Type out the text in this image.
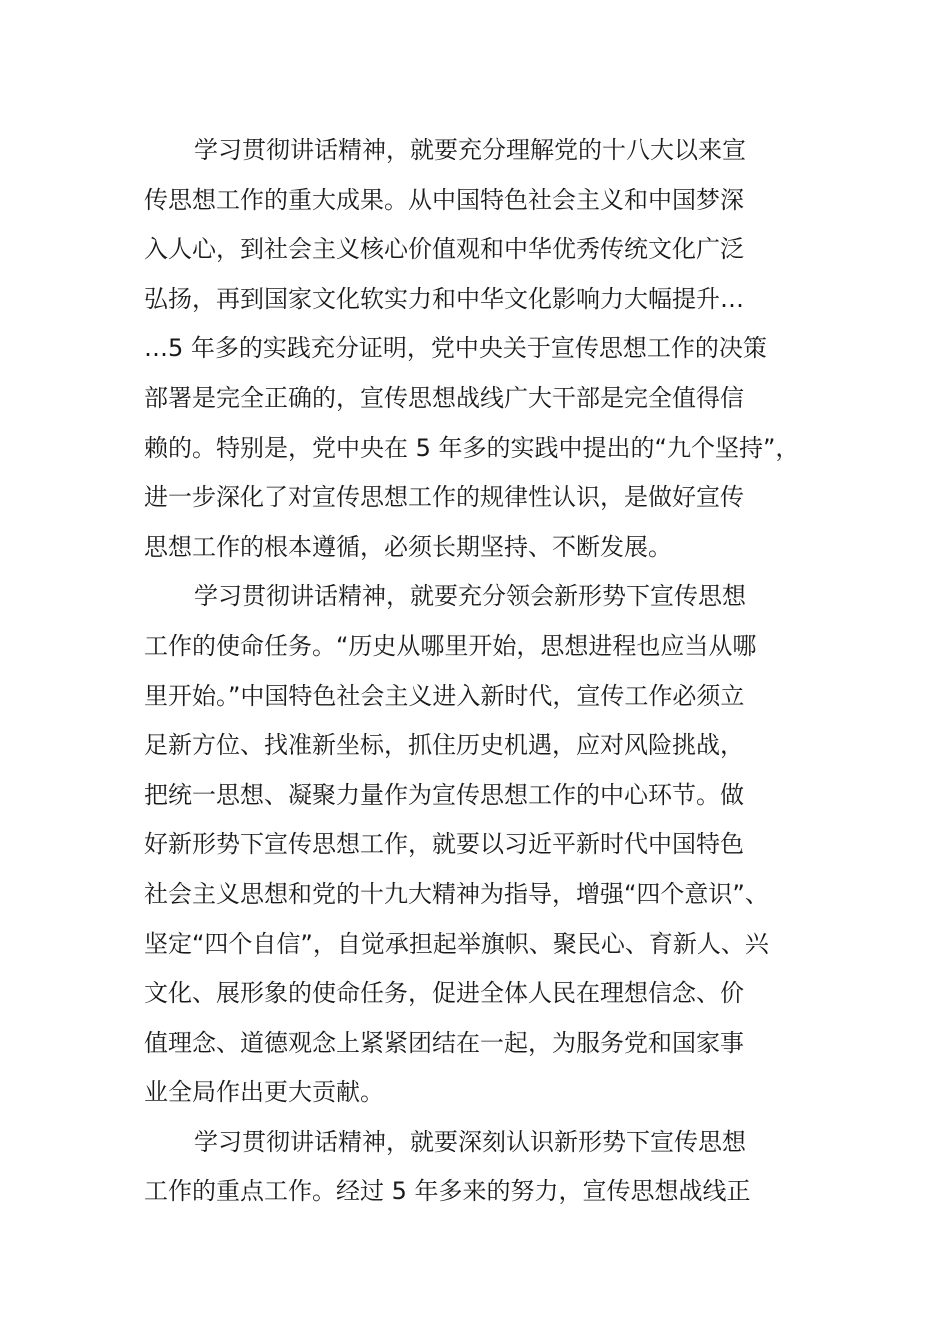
学习贯彻讲话精神，就要充分理解党的十八大以来宣
传思想工作的重大成果。从中国特色社会主义和中国梦深
入人心，到社会主义核心价值观和中华优秀传统文化广泛
弘扬，再到国家文化软实力和中华文化影响力大幅提升…
…5 年多的实践充分证明，党中央关于宣传思想工作的决策
部署是完全正确的，宣传思想战线广大干部是完全值得信
赖的。特别是，党中央在 5 年多的实践中提出的“九个坚持”，
进一步深化了对宣传思想工作的规律性认识，是做好宣传
思想工作的根本遵循，必须长期坚持、不断发展。
学习贯彻讲话精神，就要充分领会新形势下宣传思想
工作的使命任务。“历史从哪里开始，思想进程也应当从哪
里开始。”中国特色社会主义进入新时代，宣传工作必须立
足新方位、找准新坐标，抓住历史机遇，应对风险挑战，
把统一思想、凝聚力量作为宣传思想工作的中心环节。做
好新形势下宣传思想工作，就要以习近平新时代中国特色
社会主义思想和党的十九大精神为指导，增强“四个意识”、
坚定“四个自信”，自觉承担起举旗帜、聚民心、育新人、兴
文化、展形象的使命任务，促进全体人民在理想信念、价
值理念、道德观念上紧紧团结在一起，为服务党和国家事
业全局作出更大贡献。
学习贯彻讲话精神，就要深刻认识新形势下宣传思想
工作的重点工作。经过 5 年多来的努力，宣传思想战线正
